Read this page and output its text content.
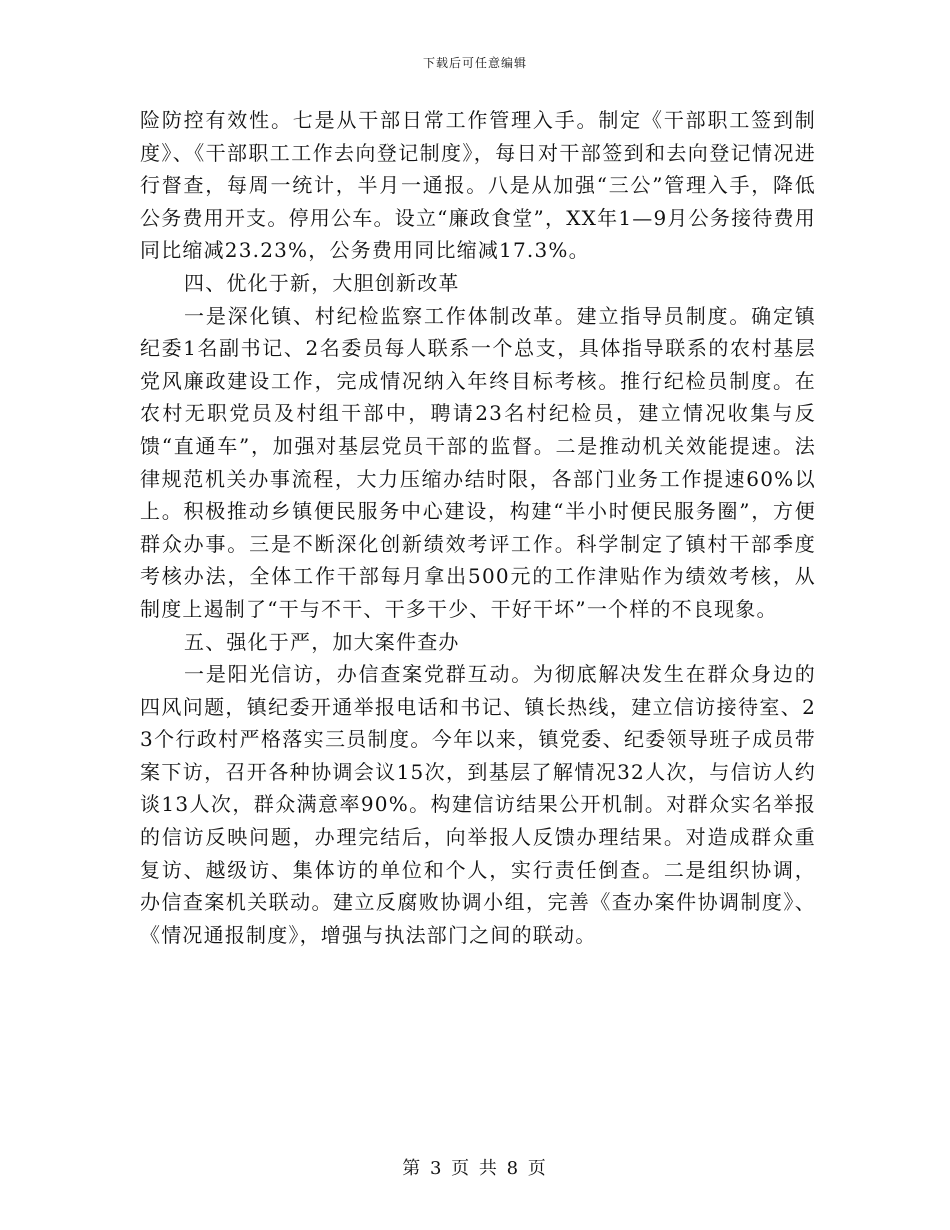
下载后可任意编辑

险防控有效性。七是从干部日常工作管理入手。制定《干部职工签到制度》、《干部职工工作去向登记制度》，每日对干部签到和去向登记情况进行督查，每周一统计，半月一通报。八是从加强“三公”管理入手，降低公务费用开支。停用公车。设立“廉政食堂”，XX年1—9月公务接待费用同比缩减23.23%，公务费用同比缩减17.3%。

四、优化于新，大胆创新改革

一是深化镇、村纪检监察工作体制改革。建立指导员制度。确定镇纪委1名副书记、2名委员每人联系一个总支，具体指导联系的农村基层党风廉政建设工作，完成情况纳入年终目标考核。推行纪检员制度。在农村无职党员及村组干部中，聘请23名村纪检员，建立情况收集与反馈“直通车”，加强对基层党员干部的监督。二是推动机关效能提速。法律规范机关办事流程，大力压缩办结时限，各部门业务工作提速60%以上。积极推动乡镇便民服务中心建设，构建“半小时便民服务圈”，方便群众办事。三是不断深化创新绩效考评工作。科学制定了镇村干部季度考核办法，全体工作干部每月拿出500元的工作津贴作为绩效考核，从制度上遏制了“干与不干、干多干少、干好干坏”一个样的不良现象。

五、强化于严，加大案件查办

一是阳光信访，办信查案党群互动。为彻底解决发生在群众身边的四风问题，镇纪委开通举报电话和书记、镇长热线，建立信访接待室、23个行政村严格落实三员制度。今年以来，镇党委、纪委领导班子成员带案下访，召开各种协调会议15次，到基层了解情况32人次，与信访人约谈13人次，群众满意率90%。构建信访结果公开机制。对群众实名举报的信访反映问题，办理完结后，向举报人反馈办理结果。对造成群众重复访、越级访、集体访的单位和个人，实行责任倒查。二是组织协调，办信查案机关联动。建立反腐败协调小组，完善《查办案件协调制度》、《情况通报制度》，增强与执法部门之间的联动。

第 3 页 共 8 页
